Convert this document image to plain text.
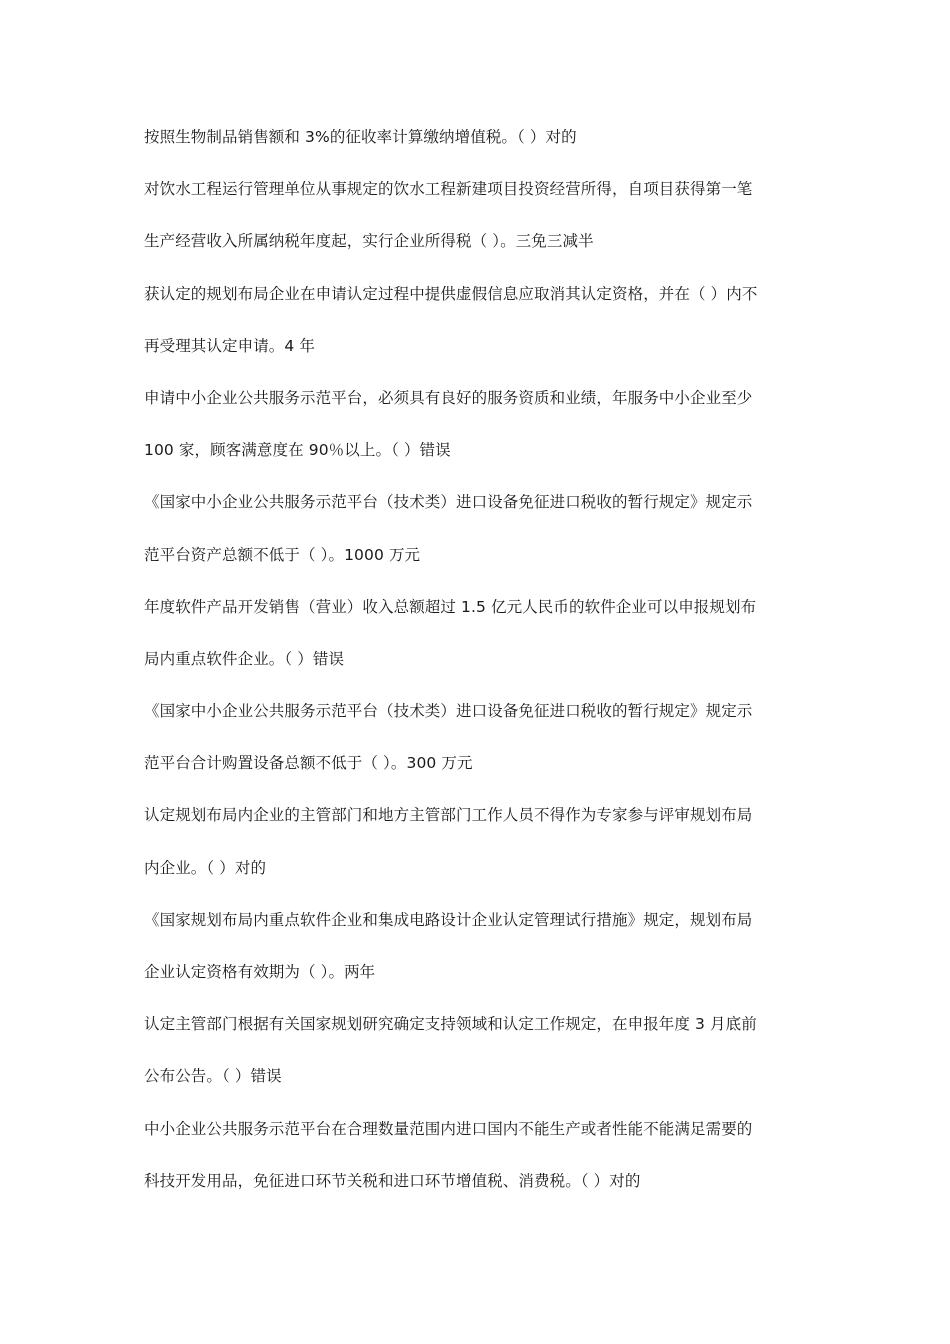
按照生物制品销售额和 3%的征收率计算缴纳增值税。（ ）对的
对饮水工程运行管理单位从事规定的饮水工程新建项目投资经营所得，自项目获得第一笔
生产经营收入所属纳税年度起，实行企业所得税（ ）。三免三减半
获认定的规划布局企业在申请认定过程中提供虚假信息应取消其认定资格，并在（ ）内不
再受理其认定申请。4 年
申请中小企业公共服务示范平台，必须具有良好的服务资质和业绩，年服务中小企业至少
100 家，顾客满意度在 90％以上。（ ）错误
《国家中小企业公共服务示范平台（技术类）进口设备免征进口税收的暂行规定》规定示
范平台资产总额不低于（ ）。1000 万元
年度软件产品开发销售（营业）收入总额超过 1.5 亿元人民币的软件企业可以申报规划布
局内重点软件企业。（ ）错误
《国家中小企业公共服务示范平台（技术类）进口设备免征进口税收的暂行规定》规定示
范平台合计购置设备总额不低于（ ）。300 万元
认定规划布局内企业的主管部门和地方主管部门工作人员不得作为专家参与评审规划布局
内企业。（ ）对的
《国家规划布局内重点软件企业和集成电路设计企业认定管理试行措施》规定，规划布局
企业认定资格有效期为（ ）。两年
认定主管部门根据有关国家规划研究确定支持领域和认定工作规定，在申报年度 3 月底前
公布公告。（ ）错误
中小企业公共服务示范平台在合理数量范围内进口国内不能生产或者性能不能满足需要的
科技开发用品，免征进口环节关税和进口环节增值税、消费税。（ ）对的
